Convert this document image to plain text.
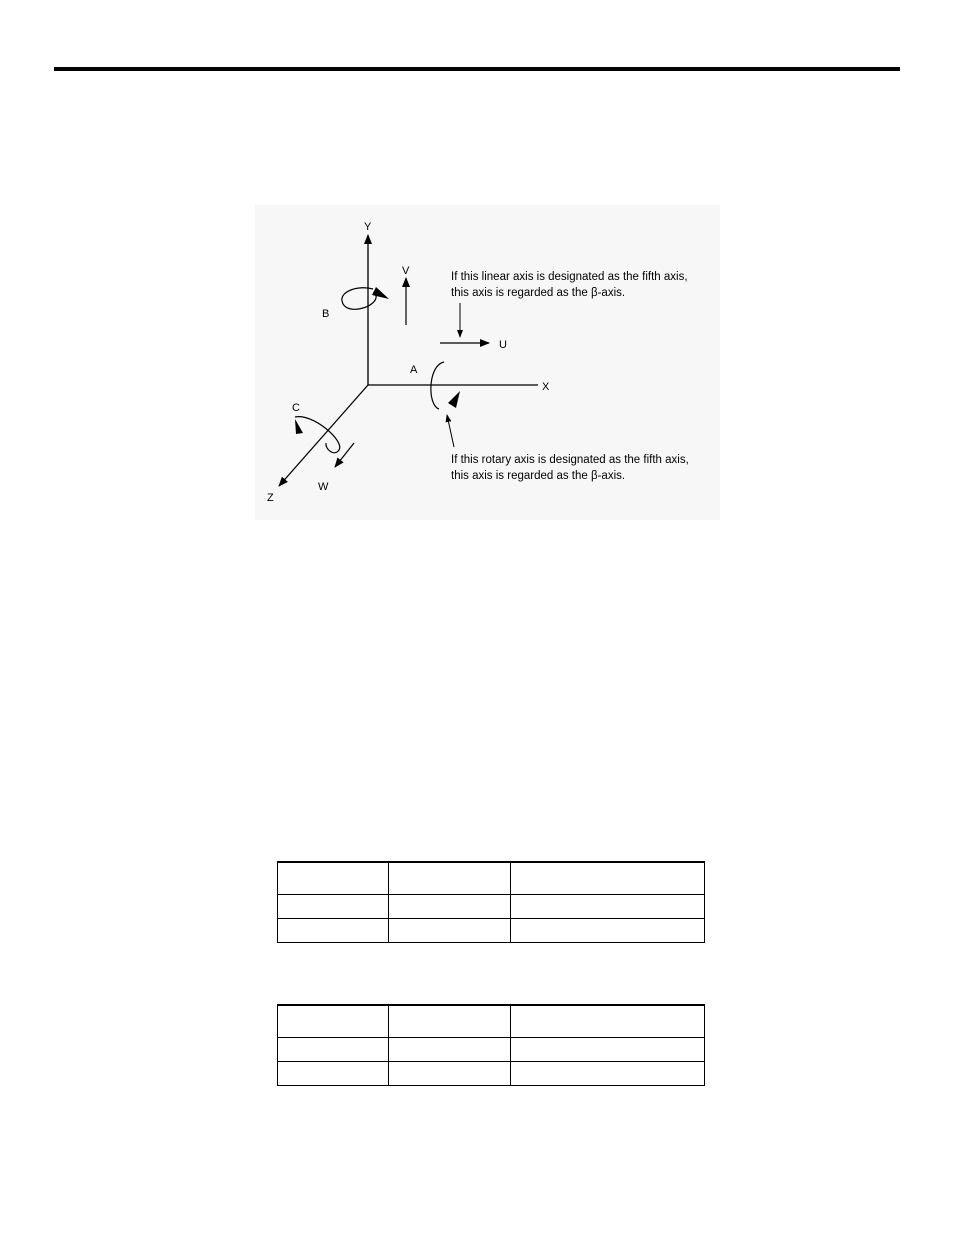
Y
X
Z
U
V
W
A
B
C
If this linear axis is designated as the fifth axis,
this axis is regarded as the β-axis.
If this rotary axis is designated as the fifth axis,
this axis is regarded as the β-axis.
